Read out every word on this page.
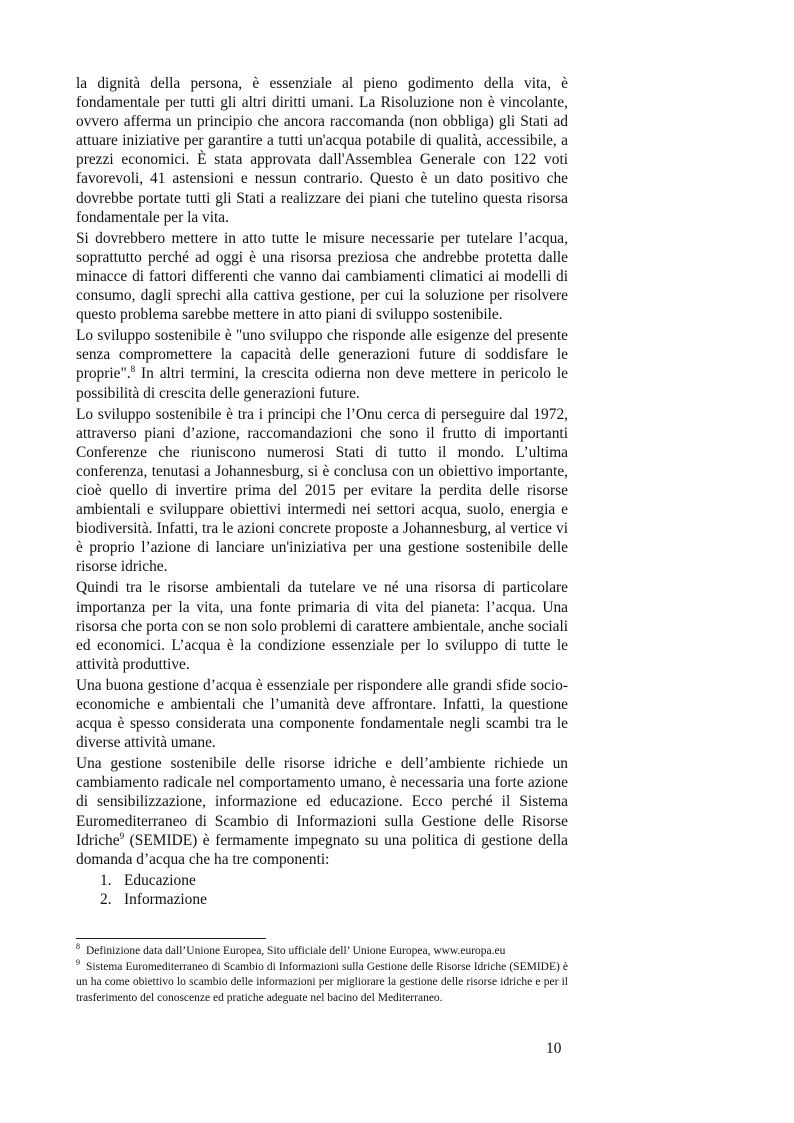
la dignità della persona, è essenziale al pieno godimento della vita, è fondamentale per tutti gli altri diritti umani. La Risoluzione non è vincolante, ovvero afferma un principio che ancora raccomanda (non obbliga) gli Stati ad attuare iniziative per garantire a tutti un'acqua potabile di qualità, accessibile, a prezzi economici. È stata approvata dall'Assemblea Generale con 122 voti favorevoli, 41 astensioni e nessun contrario. Questo è un dato positivo che dovrebbe portate tutti gli Stati a realizzare dei piani che tutelino questa risorsa fondamentale per la vita.

Si dovrebbero mettere in atto tutte le misure necessarie per tutelare l’acqua, soprattutto perché ad oggi è una risorsa preziosa che andrebbe protetta dalle minacce di fattori differenti che vanno dai cambiamenti climatici ai modelli di consumo, dagli sprechi alla cattiva gestione, per cui la soluzione per risolvere questo problema sarebbe mettere in atto piani di sviluppo sostenibile.

Lo sviluppo sostenibile è "uno sviluppo che risponde alle esigenze del presente senza compromettere la capacità delle generazioni future di soddisfare le proprie".$^8$ In altri termini, la crescita odierna non deve mettere in pericolo le possibilità di crescita delle generazioni future.

Lo sviluppo sostenibile è tra i principi che l’Onu cerca di perseguire dal 1972, attraverso piani d’azione, raccomandazioni che sono il frutto di importanti Conferenze che riuniscono numerosi Stati di tutto il mondo. L’ultima conferenza, tenutasi a Johannesburg, si è conclusa con un obiettivo importante, cioè quello di invertire prima del 2015 per evitare la perdita delle risorse ambientali e sviluppare obiettivi intermedi nei settori acqua, suolo, energia e biodiversità. Infatti, tra le azioni concrete proposte a Johannesburg, al vertice vi è proprio l’azione di lanciare un'iniziativa per una gestione sostenibile delle risorse idriche.

Quindi tra le risorse ambientali da tutelare ve né una risorsa di particolare importanza per la vita, una fonte primaria di vita del pianeta: l’acqua. Una risorsa che porta con se non solo problemi di carattere ambientale, anche sociali ed economici. L’acqua è la condizione essenziale per lo sviluppo di tutte le attività produttive.

Una buona gestione d’acqua è essenziale per rispondere alle grandi sfide socio-economiche e ambientali che l’umanità deve affrontare. Infatti, la questione acqua è spesso considerata una componente fondamentale negli scambi tra le diverse attività umane.

Una gestione sostenibile delle risorse idriche e dell’ambiente richiede un cambiamento radicale nel comportamento umano, è necessaria una forte azione di sensibilizzazione, informazione ed educazione. Ecco perché il Sistema Euromediterraneo di Scambio di Informazioni sulla Gestione delle Risorse Idriche$^9$ (SEMIDE) è fermamente impegnato su una politica di gestione della domanda d’acqua che ha tre componenti:

1. Educazione
2. Informazione

$^8$ Definizione data dall’Unione Europea, Sito ufficiale dell’ Unione Europea, www.europa.eu

$^9$ Sistema Euromediterraneo di Scambio di Informazioni sulla Gestione delle Risorse Idriche (SEMIDE) è un ha come obiettivo lo scambio delle informazioni per migliorare la gestione delle risorse idriche e per il trasferimento del conoscenze ed pratiche adeguate nel bacino del Mediterraneo.

10
